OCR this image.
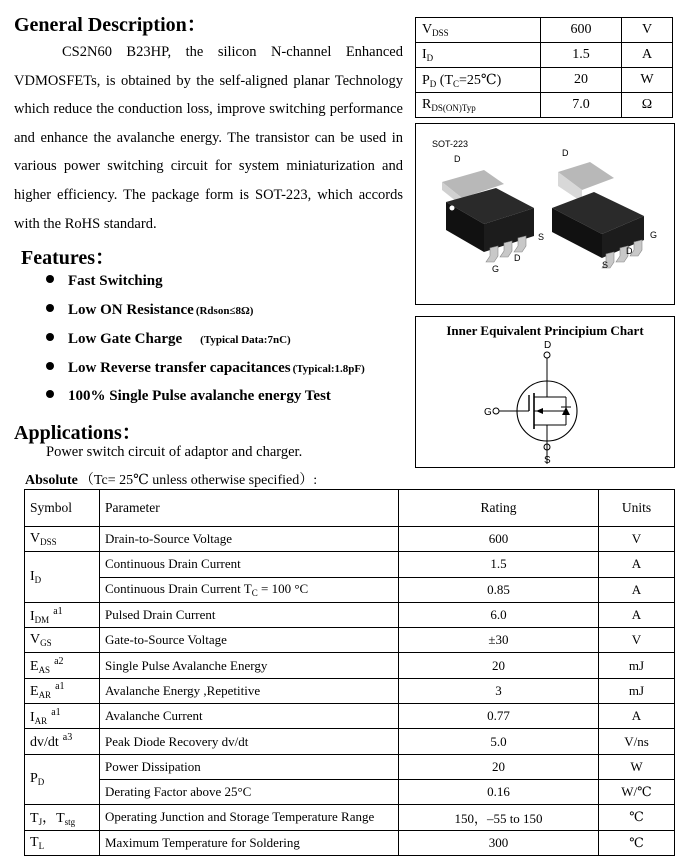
General Description：
CS2N60 B23HP, the silicon N-channel Enhanced VDMOSFETs, is obtained by the self-aligned planar Technology which reduce the conduction loss, improve switching performance and enhance the avalanche energy. The transistor can be used in various power switching circuit for system miniaturization and higher efficiency. The package form is SOT-223, which accords with the RoHS standard.
$V_{DSS}$	600	V
$I_D$	1.5	A
$P_D$ $(T_C=25℃)$	20	W
$R_{DS(ON)Typ}$	7.0	Ω
SOT-223
D
G
D
S
D
S
D
G
Features：
Fast Switching
Low ON Resistance (Rdson≤8Ω)
Low Gate Charge (Typical Data:7nC)
Low Reverse transfer capacitances (Typical:1.8pF)
100% Single Pulse avalanche energy Test
Inner Equivalent Principium Chart
D
S
G
Applications：
Power switch circuit of adaptor and charger.
Absolute （Tc= 25℃ unless otherwise specified）:
Symbol	Parameter	Rating	Units
$V_{DSS}$	Drain-to-Source Voltage	600	V
$I_D$	Continuous Drain Current	1.5	A
	Continuous Drain Current $T_C = 100$ °C	0.85	A
$I_{DM}^{a1}$	Pulsed Drain Current	6.0	A
$V_{GS}$	Gate-to-Source Voltage	±30	V
$E_{AS}^{a2}$	Single Pulse Avalanche Energy	20	mJ
$E_{AR}^{a1}$	Avalanche Energy ,Repetitive	3	mJ
$I_{AR}^{a1}$	Avalanche Current	0.77	A
dv/dt $^{a3}$	Peak Diode Recovery dv/dt	5.0	V/ns
$P_D$	Power Dissipation	20	W
	Derating Factor above 25°C	0.16	W/℃
$T_J$，$T_{stg}$	Operating Junction and Storage Temperature Range	150，–55 to 150	℃
$T_L$	Maximum Temperature for Soldering	300	℃
